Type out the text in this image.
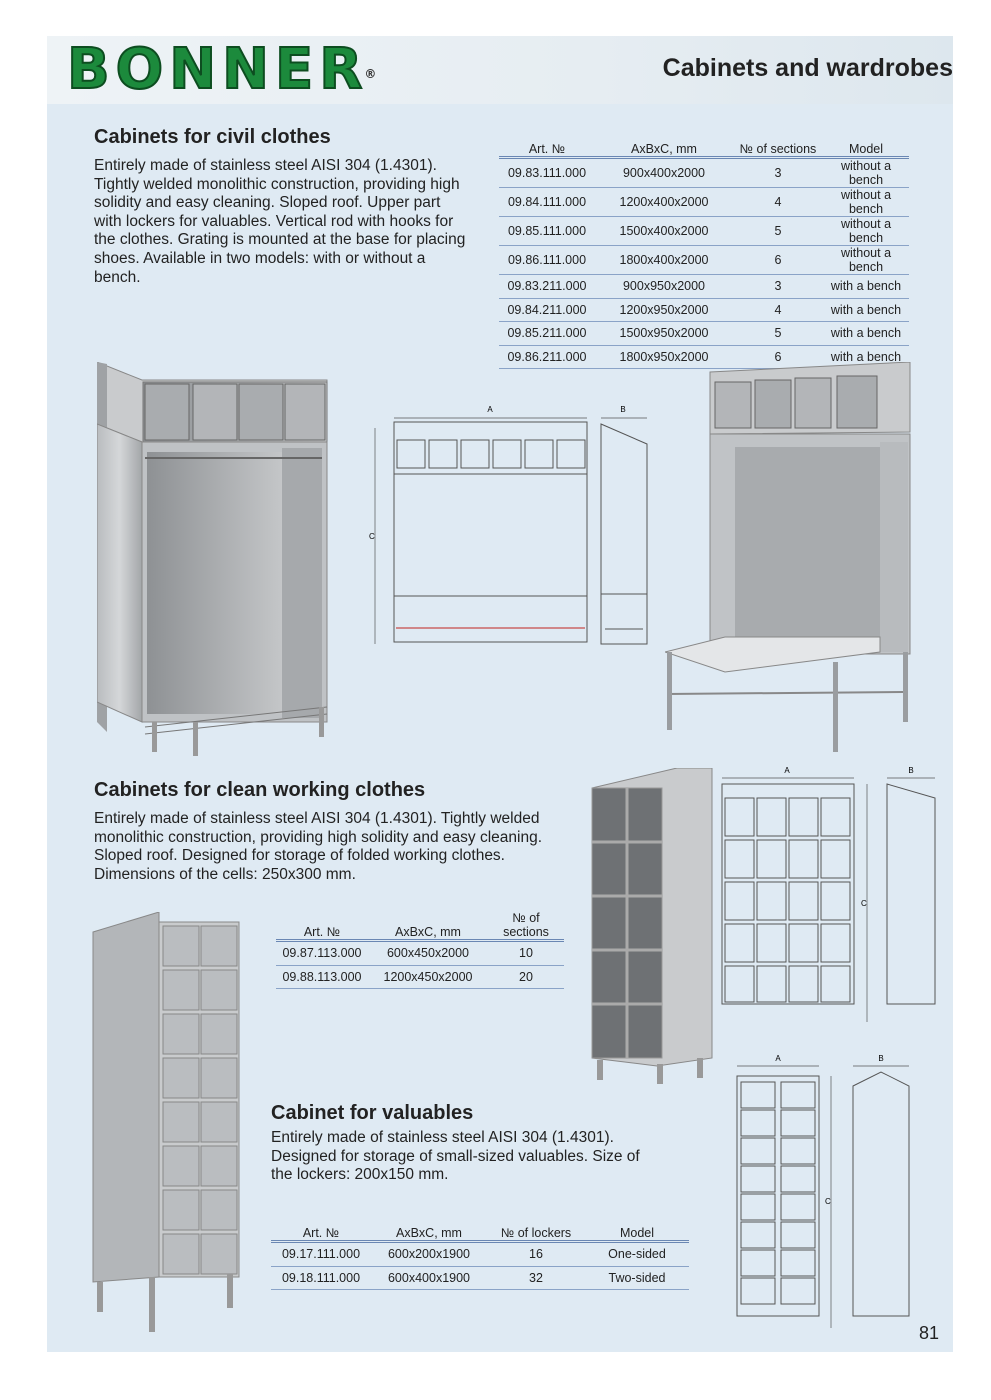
BONNER®	Cabinets and wardrobes
Cabinets for civil clothes

Entirely made of stainless steel AISI 304 (1.4301). Tightly welded monolithic construction, providing high solidity and easy cleaning. Sloped roof. Upper part with lockers for valuables. Vertical rod with hooks for the clothes. Grating is mounted at the base for placing shoes. Available in two models: with or without a bench.

Art. №	AxBxC, mm	№ of sections	Model
09.83.111.000	900x400x2000	3	without a bench
09.84.111.000	1200x400x2000	4	without a bench
09.85.111.000	1500x400x2000	5	without a bench
09.86.111.000	1800x400x2000	6	without a bench
09.83.211.000	900x950x2000	3	with a bench
09.84.211.000	1200x950x2000	4	with a bench
09.85.211.000	1500x950x2000	5	with a bench
09.86.211.000	1800x950x2000	6	with a bench
A
C
B
Cabinets for clean working clothes

Entirely made of stainless steel AISI 304 (1.4301). Tightly welded monolithic construction, providing high solidity and easy cleaning. Sloped roof. Designed for storage of folded working clothes. Dimensions of the cells: 250x300 mm.

Art. №	AxBxC, mm	№ of sections
09.87.113.000	600x450x2000	10
09.88.113.000	1200x450x2000	20
A
C
B
Cabinet for valuables

Entirely made of stainless steel AISI 304 (1.4301). Designed for storage of small-sized valuables. Size of the lockers: 200x150 mm.

Art. №	AxBxC, mm	№ of lockers	Model
09.17.111.000	600x200x1900	16	One-sided
09.18.111.000	600x400x1900	32	Two-sided
A
C
B
81
